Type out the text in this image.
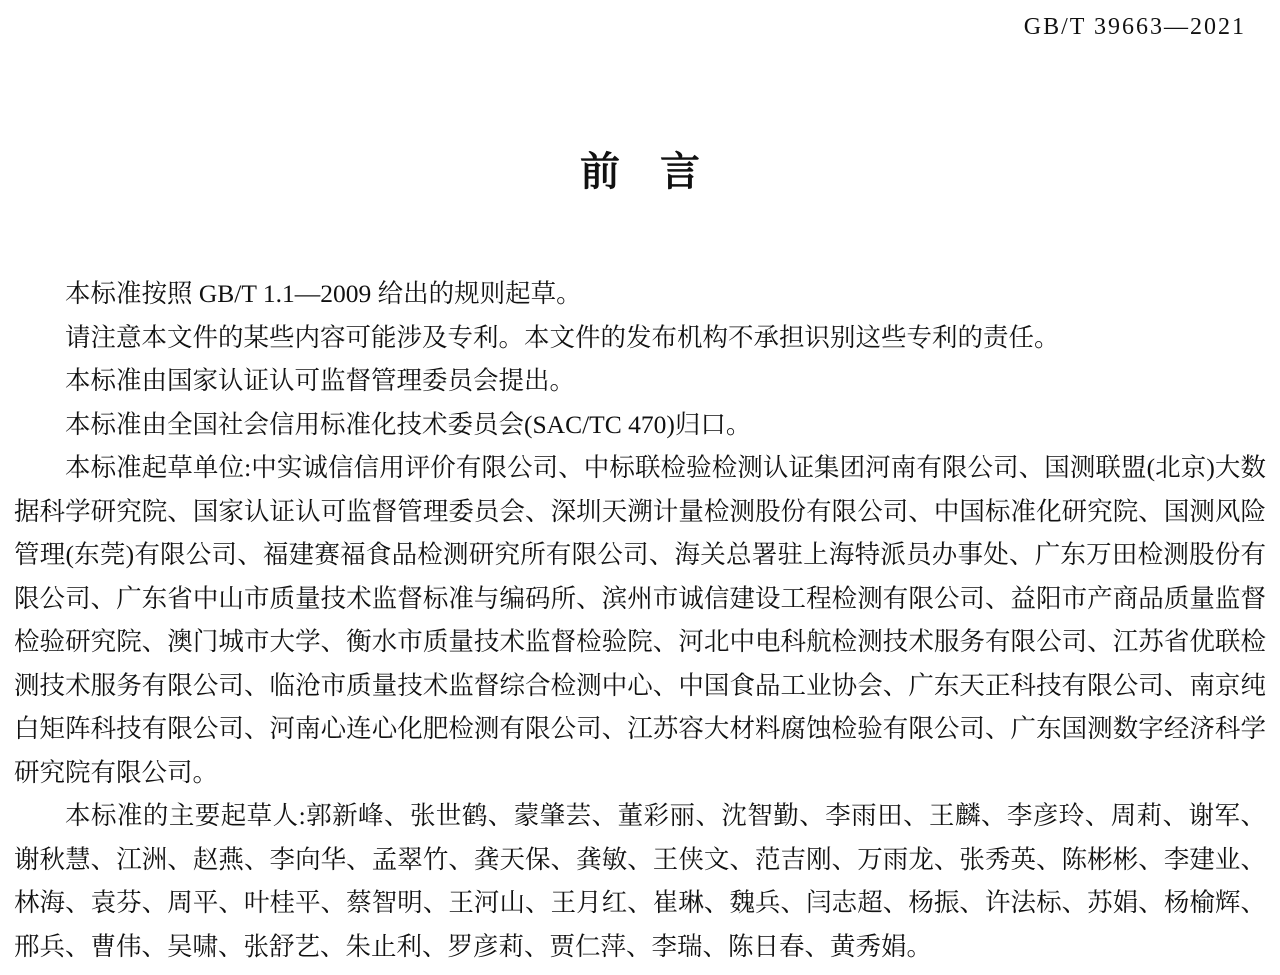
GB/T 39663—2021
前言

本标准按照 GB/T 1.1—2009 给出的规则起草。

请注意本文件的某些内容可能涉及专利。本文件的发布机构不承担识别这些专利的责任。

本标准由国家认证认可监督管理委员会提出。

本标准由全国社会信用标准化技术委员会(SAC/TC 470)归口。

本标准起草单位:中实诚信信用评价有限公司、中标联检验检测认证集团河南有限公司、国测联盟(北京)大数据科学研究院、国家认证认可监督管理委员会、深圳天溯计量检测股份有限公司、中国标准化研究院、国测风险管理(东莞)有限公司、福建赛福食品检测研究所有限公司、海关总署驻上海特派员办事处、广东万田检测股份有限公司、广东省中山市质量技术监督标准与编码所、滨州市诚信建设工程检测有限公司、益阳市产商品质量监督检验研究院、澳门城市大学、衡水市质量技术监督检验院、河北中电科航检测技术服务有限公司、江苏省优联检测技术服务有限公司、临沧市质量技术监督综合检测中心、中国食品工业协会、广东天正科技有限公司、南京纯白矩阵科技有限公司、河南心连心化肥检测有限公司、江苏容大材料腐蚀检验有限公司、广东国测数字经济科学研究院有限公司。

本标准的主要起草人:郭新峰、张世鹤、蒙肇芸、董彩丽、沈智勤、李雨田、王麟、李彦玲、周莉、谢军、谢秋慧、江洲、赵燕、李向华、孟翠竹、龚天保、龚敏、王侠文、范吉刚、万雨龙、张秀英、陈彬彬、李建业、林海、袁芬、周平、叶桂平、蔡智明、王河山、王月红、崔琳、魏兵、闫志超、杨振、许法标、苏娟、杨榆辉、邢兵、曹伟、吴啸、张舒艺、朱止利、罗彦莉、贾仁萍、李瑞、陈日春、黄秀娟。
